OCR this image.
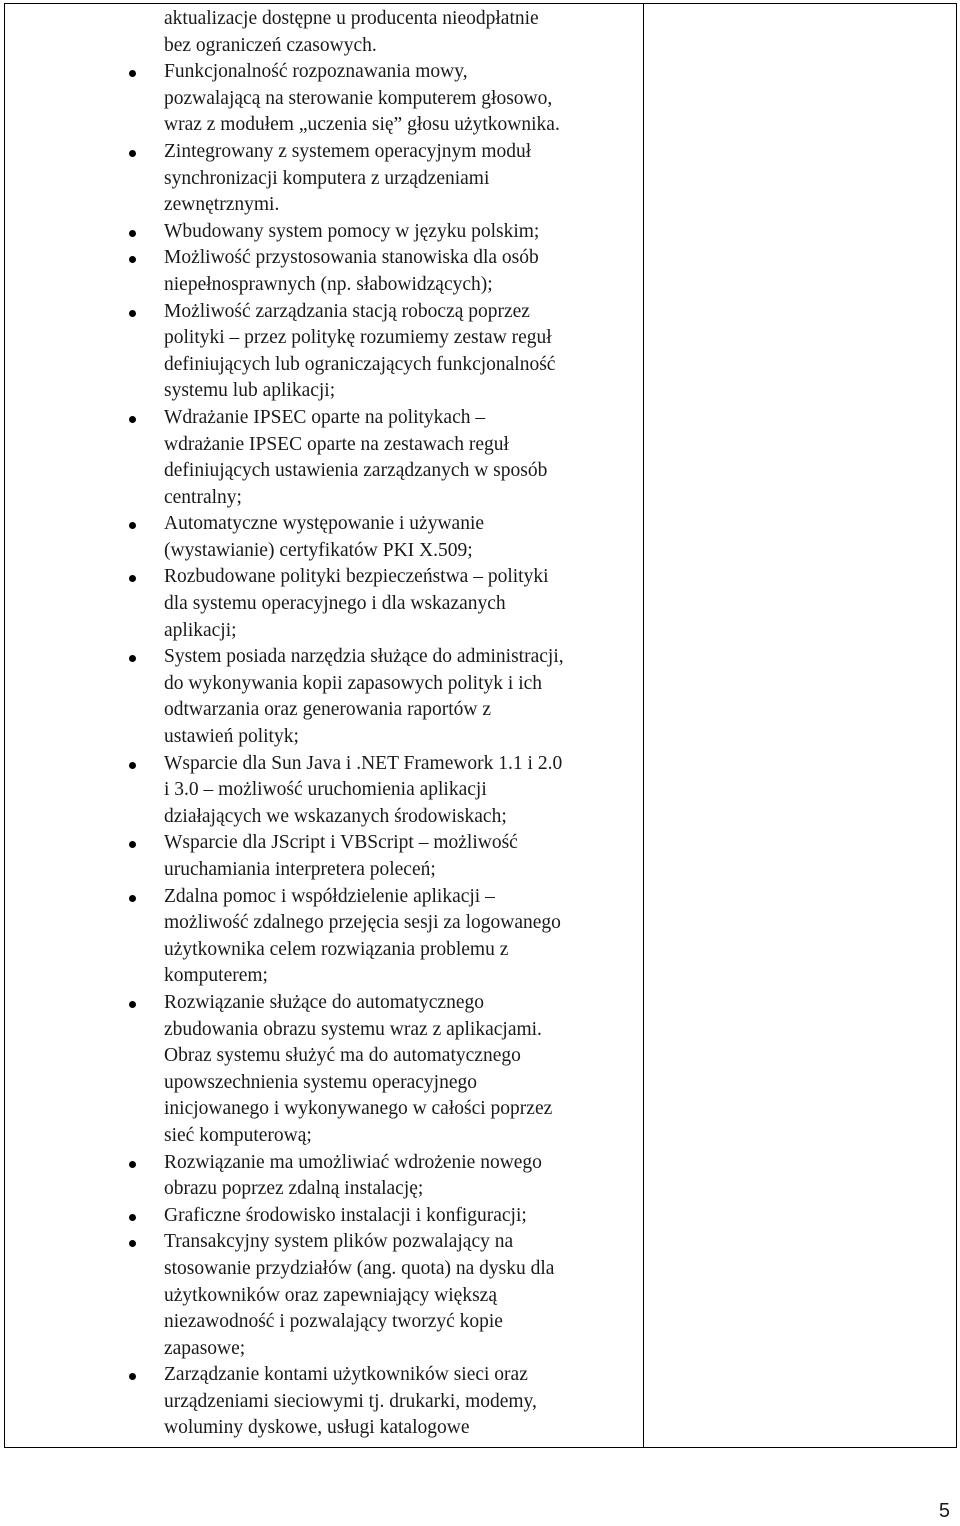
aktualizacje dostępne u producenta nieodpłatnie
bez ograniczeń czasowych.

Funkcjonalność rozpoznawania mowy,
pozwalającą na sterowanie komputerem głosowo,
wraz z modułem „uczenia się” głosu użytkownika.
Zintegrowany z systemem operacyjnym moduł
synchronizacji komputera z urządzeniami
zewnętrznymi.
Wbudowany system pomocy w języku polskim;
Możliwość przystosowania stanowiska dla osób
niepełnosprawnych (np. słabowidzących);
Możliwość zarządzania stacją roboczą poprzez
polityki – przez politykę rozumiemy zestaw reguł
definiujących lub ograniczających funkcjonalność
systemu lub aplikacji;
Wdrażanie IPSEC oparte na politykach –
wdrażanie IPSEC oparte na zestawach reguł
definiujących ustawienia zarządzanych w sposób
centralny;
Automatyczne występowanie i używanie
(wystawianie) certyfikatów PKI X.509;
Rozbudowane polityki bezpieczeństwa – polityki
dla systemu operacyjnego i dla wskazanych
aplikacji;
System posiada narzędzia służące do administracji,
do wykonywania kopii zapasowych polityk i ich
odtwarzania oraz generowania raportów z
ustawień polityk;
Wsparcie dla Sun Java i .NET Framework 1.1 i 2.0
i 3.0 – możliwość uruchomienia aplikacji
działających we wskazanych środowiskach;
Wsparcie dla JScript i VBScript – możliwość
uruchamiania interpretera poleceń;
Zdalna pomoc i współdzielenie aplikacji –
możliwość zdalnego przejęcia sesji za logowanego
użytkownika celem rozwiązania problemu z
komputerem;
Rozwiązanie służące do automatycznego
zbudowania obrazu systemu wraz z aplikacjami.
Obraz systemu służyć ma do automatycznego
upowszechnienia systemu operacyjnego
inicjowanego i wykonywanego w całości poprzez
sieć komputerową;
Rozwiązanie ma umożliwiać wdrożenie nowego
obrazu poprzez zdalną instalację;
Graficzne środowisko instalacji i konfiguracji;
Transakcyjny system plików pozwalający na
stosowanie przydziałów (ang. quota) na dysku dla
użytkowników oraz zapewniający większą
niezawodność i pozwalający tworzyć kopie
zapasowe;
Zarządzanie kontami użytkowników sieci oraz
urządzeniami sieciowymi tj. drukarki, modemy,
woluminy dyskowe, usługi katalogowe
5
